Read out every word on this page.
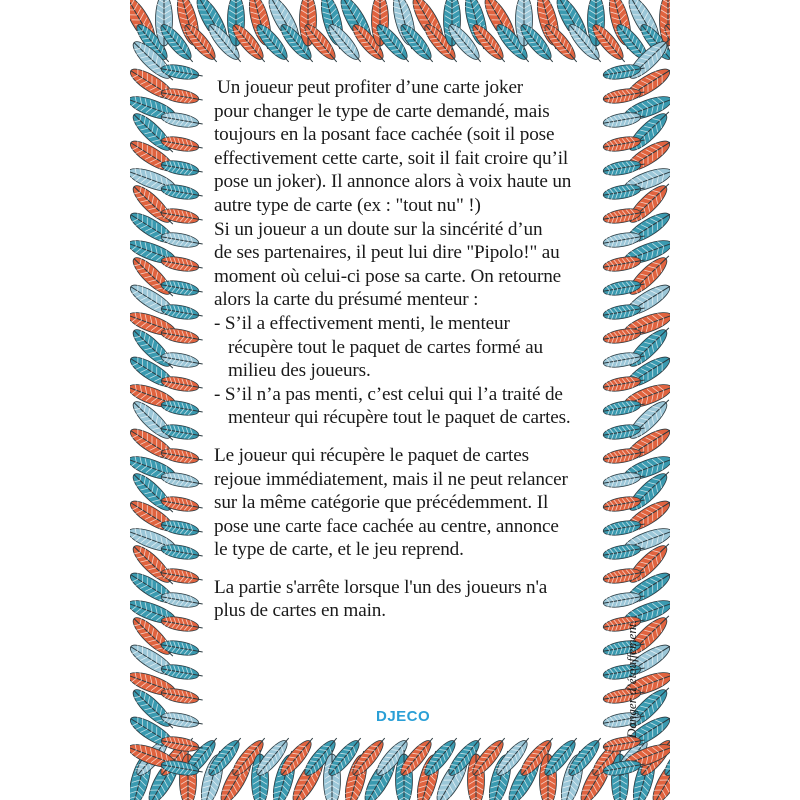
Un joueur peut profiter d’une carte joker
pour changer le type de carte demandé, mais
toujours en la posant face cachée (soit il pose
effectivement cette carte, soit il fait croire qu’il
pose un joker). Il annonce alors à voix haute un
autre type de carte (ex : "tout nu" !)
Si un joueur a un doute sur la sincérité d’un
de ses partenaires, il peut lui dire "Pipolo!" au
moment où celui-ci pose sa carte. On retourne
alors la carte du présumé menteur :
- S’il a effectivement menti, le menteur
récupère tout le paquet de cartes formé au
milieu des joueurs.
- S’il n’a pas menti, c’est celui qui l’a traité de
menteur qui récupère tout le paquet de cartes.
Le joueur qui récupère le paquet de cartes
rejoue immédiatement, mais il ne peut relancer
sur la même catégorie que précédemment. Il
pose une carte face cachée au centre, annonce
le type de carte, et le jeu reprend.
La partie s'arrête lorsque l'un des joueurs n'a
plus de cartes en main.
DJECO	Danger d’étouffement.
